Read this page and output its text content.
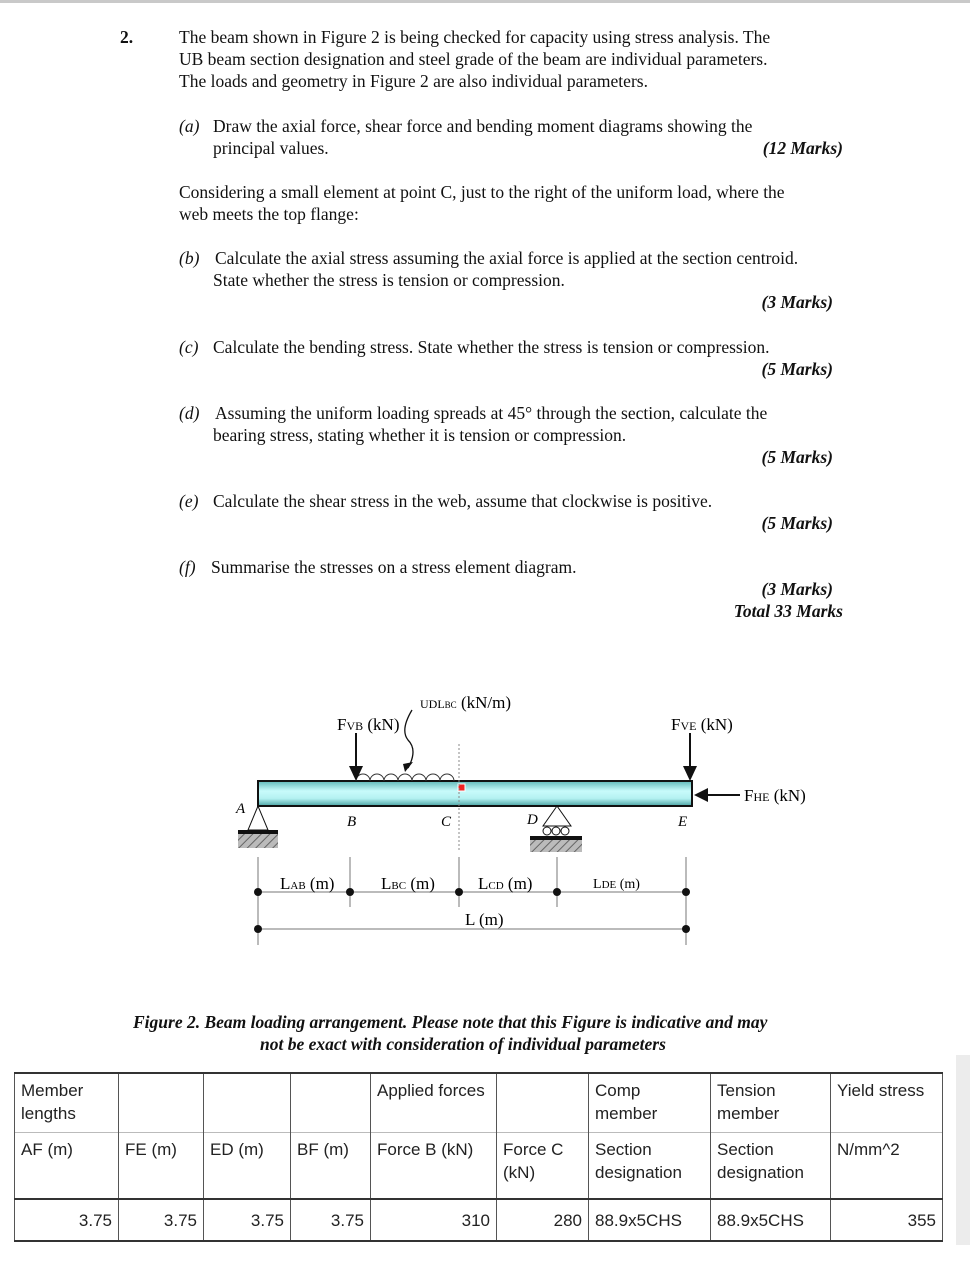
2.	The beam shown in Figure 2 is being checked for capacity using stress analysis. The
UB beam section designation and steel grade of the beam are individual parameters.
The loads and geometry in Figure 2 are also individual parameters.
(a) Draw the axial force, shear force and bending moment diagrams showing the
principal values.	(12 Marks)
Considering a small element at point C, just to the right of the uniform load, where the
web meets the top flange:
(b) Calculate the axial stress assuming the axial force is applied at the section centroid.
State whether the stress is tension or compression.
(3 Marks)
(c) Calculate the bending stress. State whether the stress is tension or compression.
(5 Marks)
(d) Assuming the uniform loading spreads at 45° through the section, calculate the
bearing stress, stating whether it is tension or compression.
(5 Marks)
(e) Calculate the shear stress in the web, assume that clockwise is positive.
(5 Marks)
(f) Summarise the stresses on a stress element diagram.
(3 Marks)
Total 33 Marks
UDLBC (kN/m)
FVB (kN)	FVE (kN)
FHE (kN)
A
B	C	D	E
LAB (m)	LBC (m)	LCD (m)	LDE (m)
L (m)
Figure 2. Beam loading arrangement. Please note that this Figure is indicative and may
not be exact with consideration of individual parameters
Member lengths				Applied forces		Comp member	Tension member	Yield stress
AF (m)	FE (m)	ED (m)	BF (m)	Force B (kN)	Force C (kN)	Section designation	Section designation	N/mm^2
3.75	3.75	3.75	3.75	310	280	88.9x5CHS	88.9x5CHS	355
